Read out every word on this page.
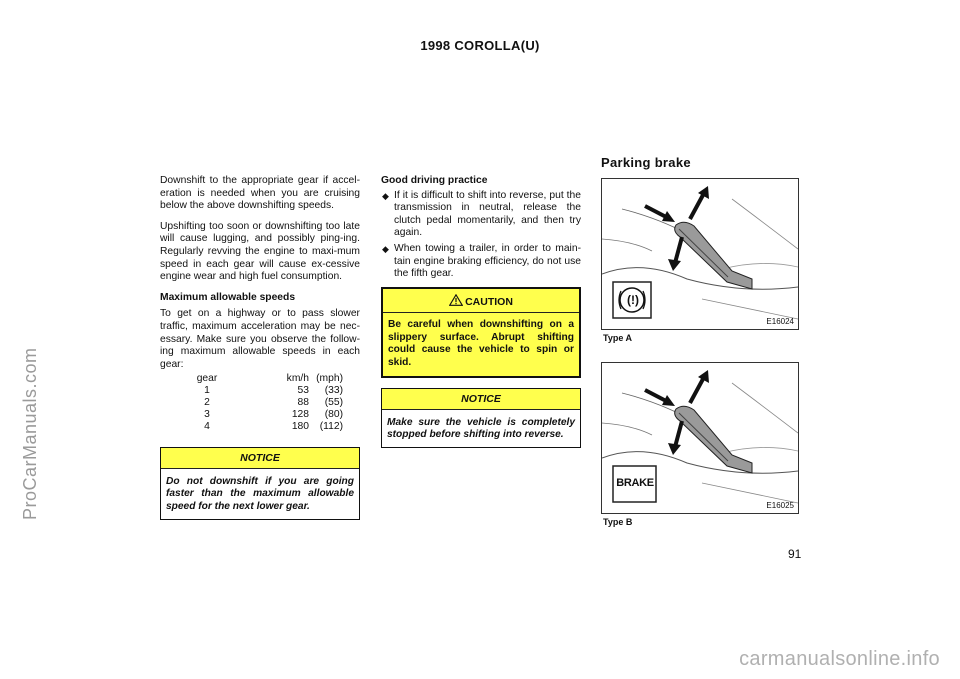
1998 COROLLA(U)
ProCarManuals.com
carmanualsonline.info
91

Downshift to the appropriate gear if accel-eration is needed when you are cruising below the above downshifting speeds.

Upshifting too soon or downshifting too late will cause lugging, and possibly ping-ing. Regularly revving the engine to maxi-mum speed in each gear will cause ex-cessive engine wear and high fuel consumption.

Maximum allowable speeds

To get on a highway or to pass slower traffic, maximum acceleration may be nec-essary. Make sure you observe the follow-ing maximum allowable speeds in each gear:

gear	km/h	(mph)
1	53	(33)
2	88	(55)
3	128	(80)
4	180	(112)
NOTICE
Do not downshift if you are going faster than the maximum allowable speed for the next lower gear.

Good driving practice

◆ If it is difficult to shift into reverse, put the transmission in neutral, release the clutch pedal momentarily, and then try again.
◆ When towing a trailer, in order to main-tain engine braking efficiency, do not use the fifth gear.
CAUTION
Be careful when downshifting on a slippery surface. Abrupt shifting could cause the vehicle to spin or skid.
NOTICE
Make sure the vehicle is completely stopped before shifting into reverse.
Parking brake
E16024
(!)
Type A
E16025
BRAKE
Type B
